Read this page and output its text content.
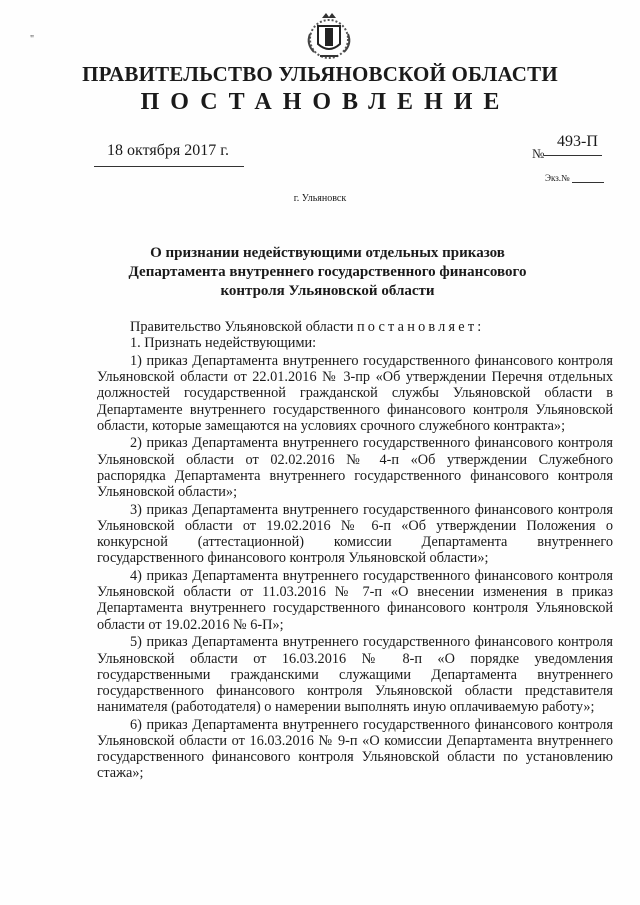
"
ПРАВИТЕЛЬСТВО УЛЬЯНОВСКОЙ ОБЛАСТИ
ПОСТАНОВЛЕНИЕ
18 октября 2017 г.	№
493-П
Экз.№
г. Ульяновск
О признании недействующими отдельных приказов Департамента внутреннего государственного финансового контроля Ульяновской области

Правительство Ульяновской области постановляет:

1. Признать недействующими:

1) приказ Департамента внутреннего государственного финансового контроля Ульяновской области от 22.01.2016 № 3-пр «Об утверждении Перечня отдельных должностей государственной гражданской службы Ульяновской области в Департаменте внутреннего государственного финансового контроля Ульяновской области, которые замещаются на условиях срочного служебного контракта»;

2) приказ Департамента внутреннего государственного финансового контроля Ульяновской области от 02.02.2016 № 4-п «Об утверждении Служебного распорядка Департамента внутреннего государственного финансового контроля Ульяновской области»;

3) приказ Департамента внутреннего государственного финансового контроля Ульяновской области от 19.02.2016 № 6-п «Об утверждении Положения о конкурсной (аттестационной) комиссии Департамента внутреннего государственного финансового контроля Ульяновской области»;

4) приказ Департамента внутреннего государственного финансового контроля Ульяновской области от 11.03.2016 № 7-п «О внесении изменения в приказ Департамента внутреннего государственного финансового контроля Ульяновской области от 19.02.2016 № 6-П»;

5) приказ Департамента внутреннего государственного финансового контроля Ульяновской области от 16.03.2016 № 8-п «О порядке уведомления государственными гражданскими служащими Департамента внутреннего государственного финансового контроля Ульяновской области представителя нанимателя (работодателя) о намерении выполнять иную оплачиваемую работу»;

6) приказ Департамента внутреннего государственного финансового контроля Ульяновской области от 16.03.2016 № 9-п «О комиссии Департамента внутреннего государственного финансового контроля Ульяновской области по установлению стажа»;
